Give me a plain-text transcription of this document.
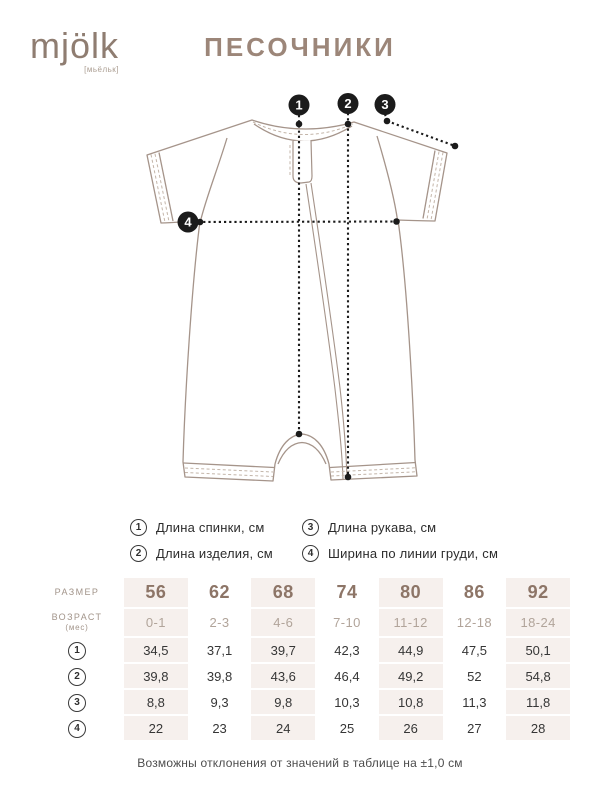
mjölk
[мьёльк]
ПЕСОЧНИКИ
1	2 3
4
1	Длина спинки, см	3	Длина рукава, см
2	Длина изделия, см	4	Ширина по линии груди, см
РАЗМЕР	56	62	68	74	80	86	92
ВОЗРАСТ
(мес)	0-1	2-3	4-6	7-10	11-12	12-18	18-24
1	34,5	37,1	39,7	42,3	44,9	47,5	50,1
2	39,8	39,8	43,6	46,4	49,2	52	54,8
3	8,8	9,3	9,8	10,3	10,8	11,3	11,8
4	22	23	24	25	26	27	28
Возможны отклонения от значений в таблице на ±1,0 см
